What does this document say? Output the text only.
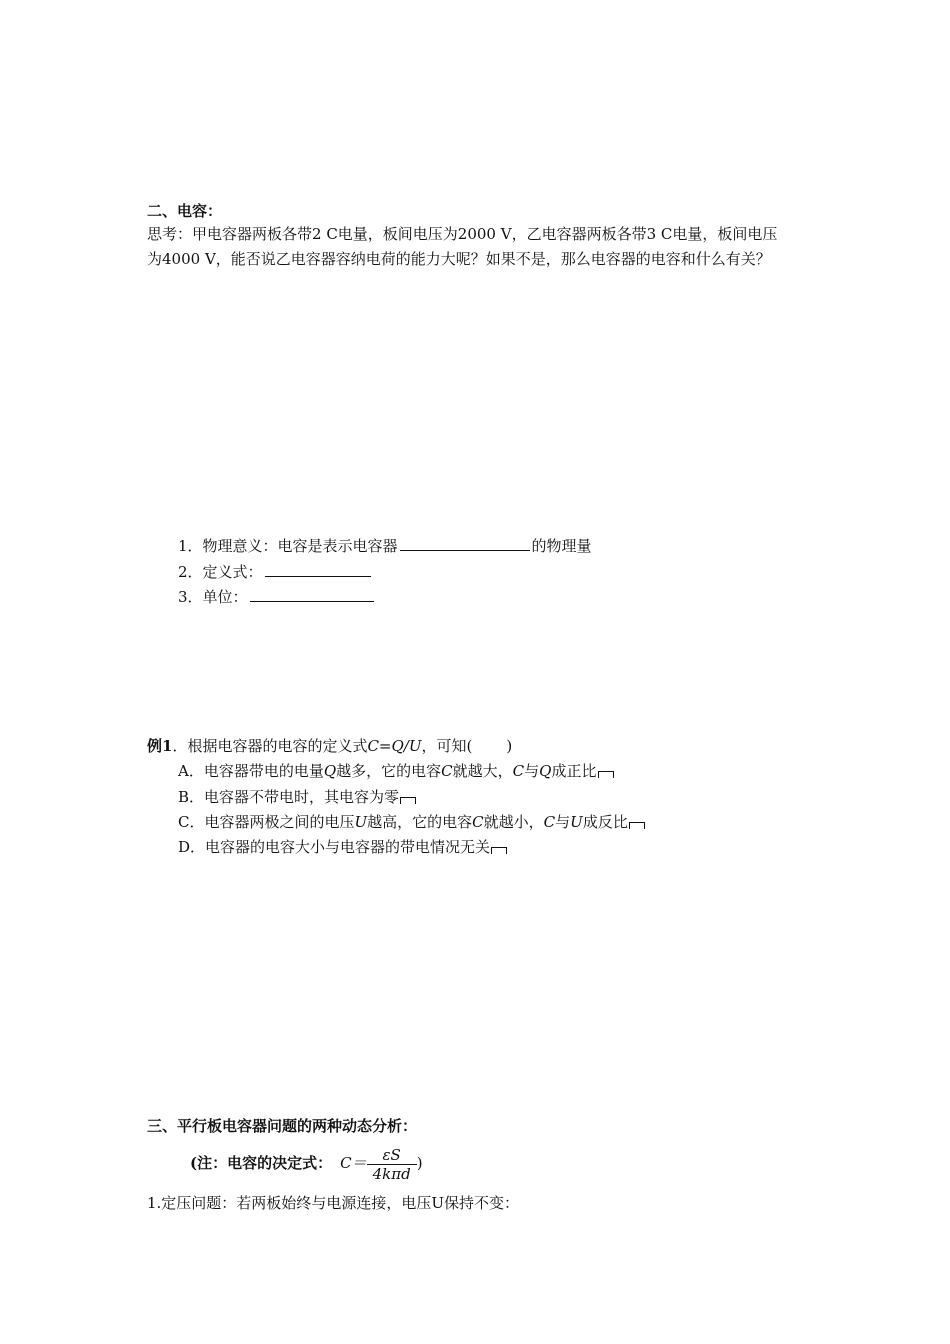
二、电容：
思考：甲电容器两板各带2 C电量，板间电压为2000 V，乙电容器两板各带3 C电量，板间电压
为4000 V，能否说乙电容器容纳电荷的能力大呢？如果不是，那么电容器的电容和什么有关？
1．物理意义：电容是表示电容器	的物理量
2．定义式：
3．单位：
例1．根据电容器的电容的定义式C=Q/U，可知( )
A．电容器带电的电量Q越多，它的电容C就越大，C与Q成正比
B．电容器不带电时，其电容为零
C．电容器两极之间的电压U越高，它的电容C就越小，C与U成反比
D．电容器的电容大小与电容器的带电情况无关
三、平行板电容器问题的两种动态分析：
(注：电容的决定式： $C= \frac{\varepsilon S}{\text{4kπd}}$ )
1.定压问题：若两板始终与电源连接，电压U保持不变：
